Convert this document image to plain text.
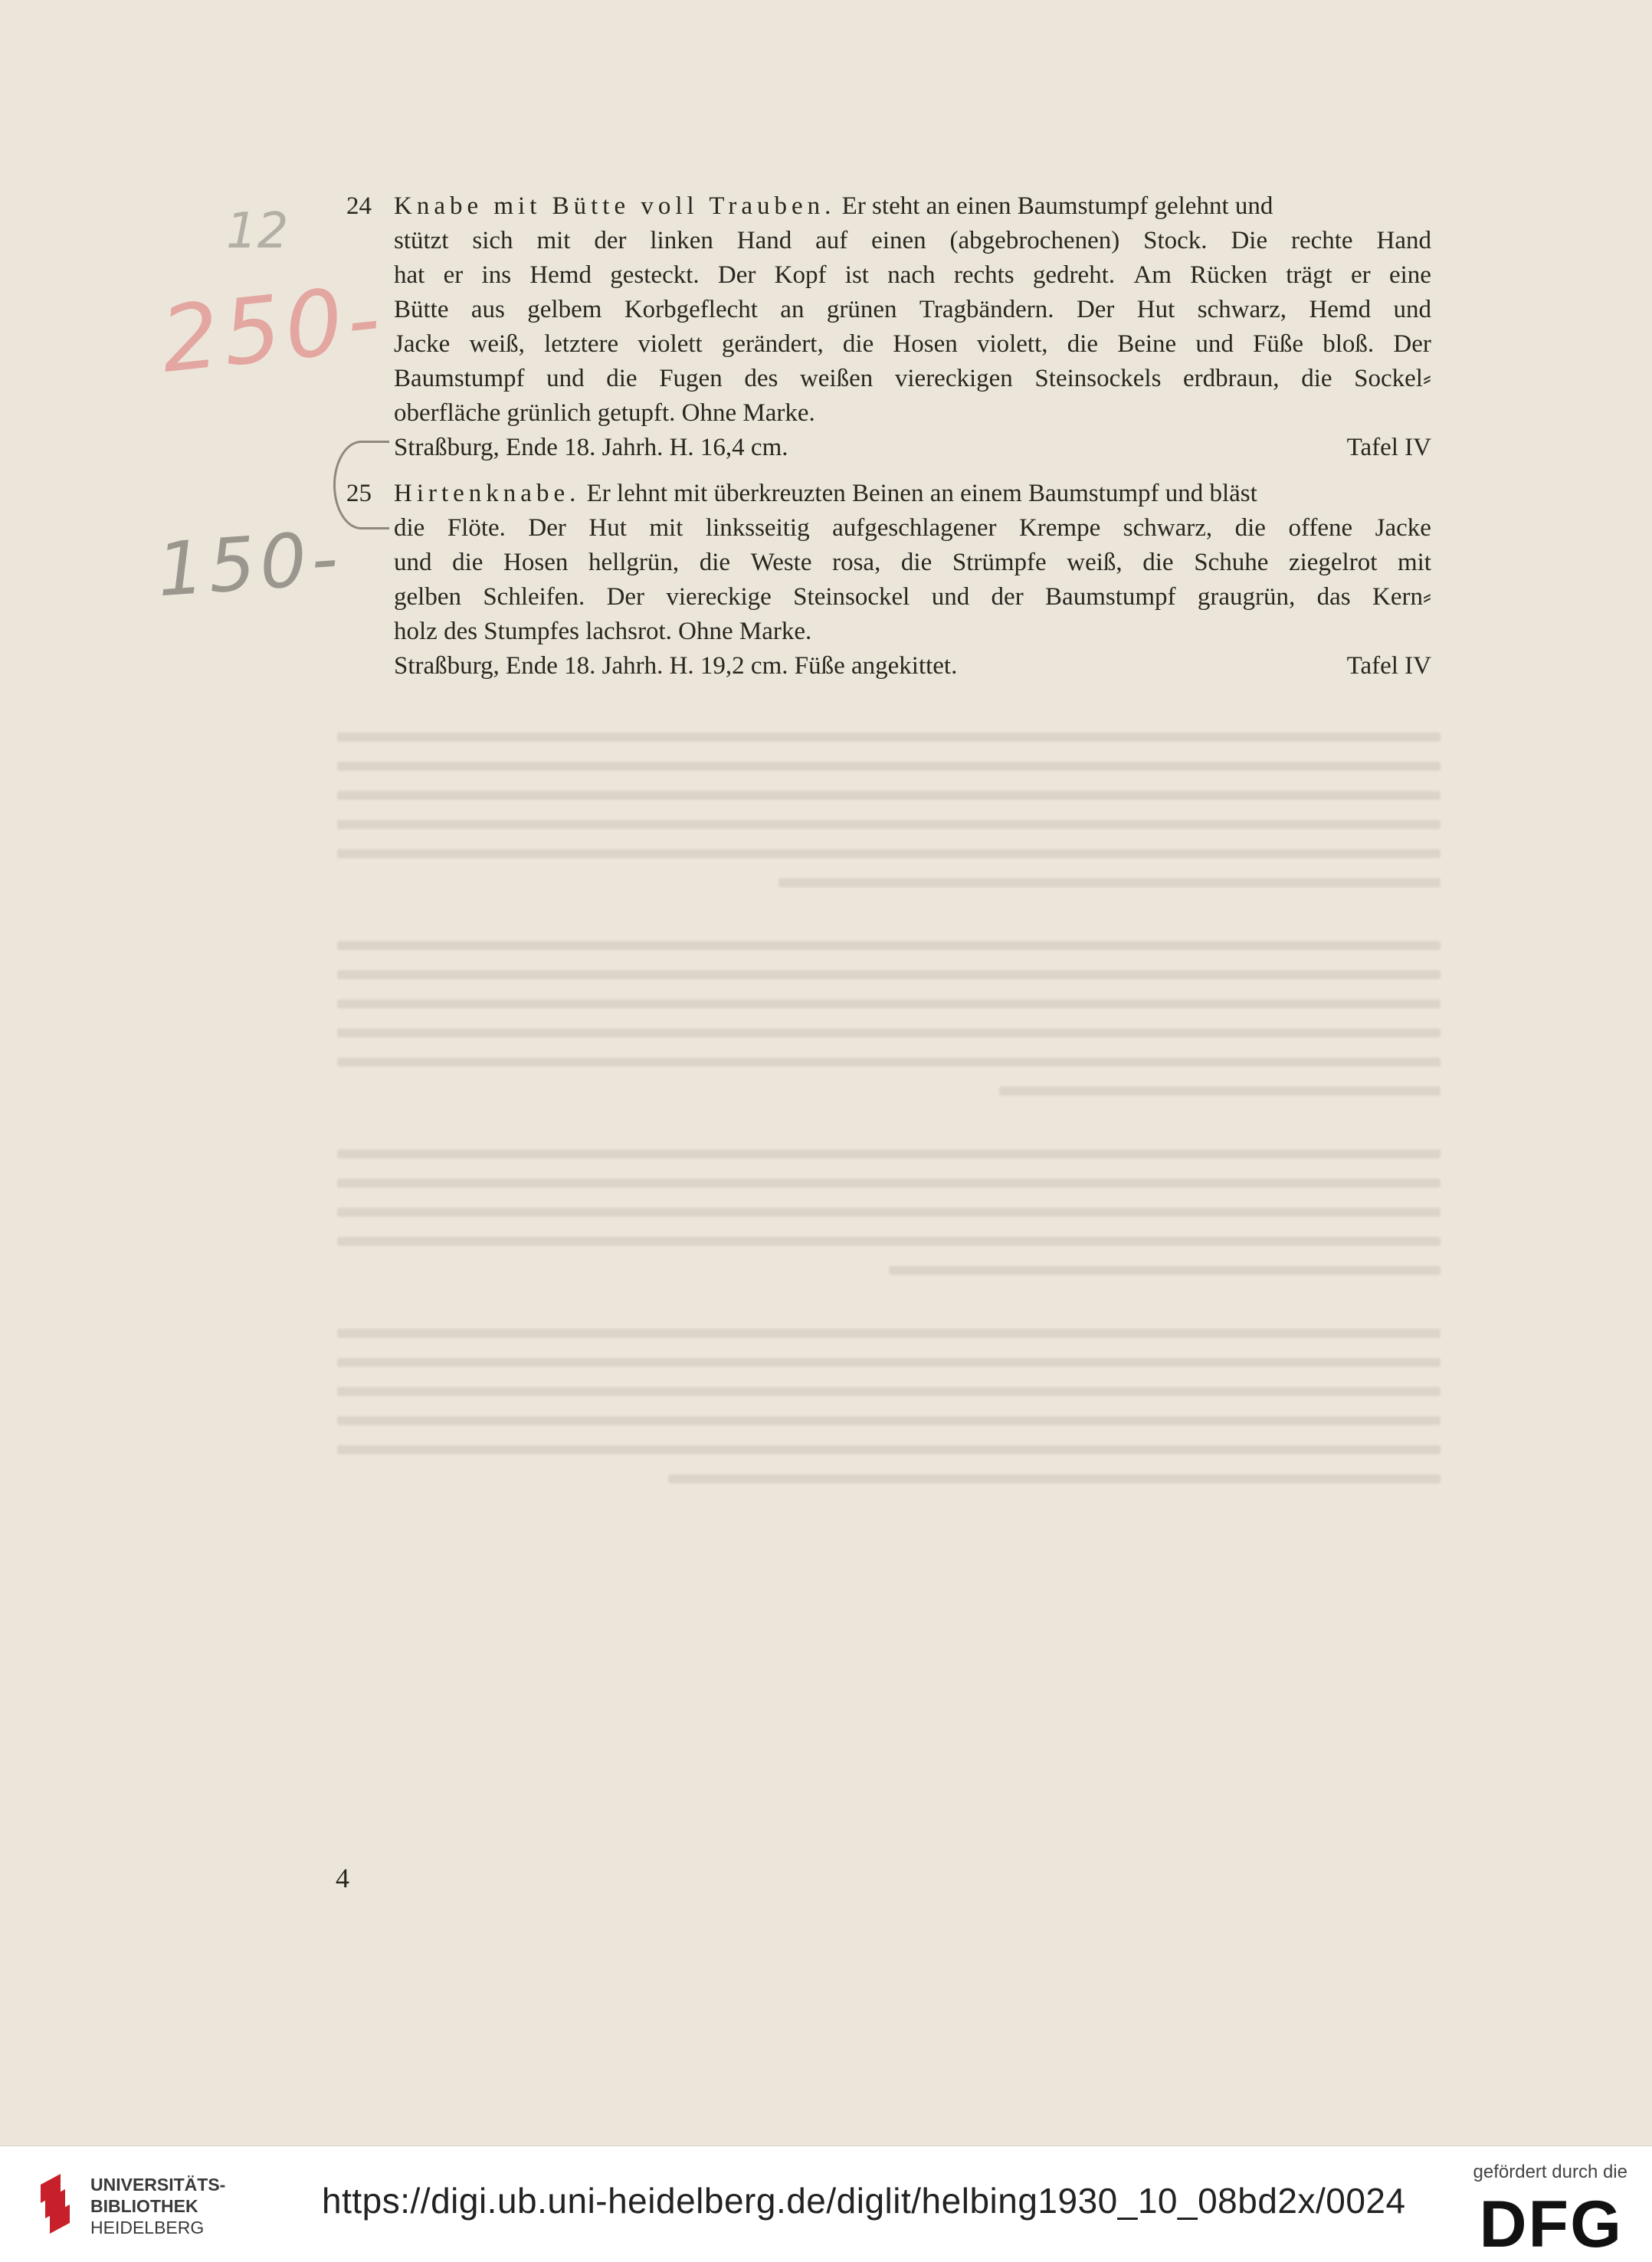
12
250-
150-
24 Knabe mit Bütte voll Trauben. Er steht an einen Baumstumpf gelehnt und
stützt sich mit der linken Hand auf einen (abgebrochenen) Stock. Die rechte Hand
hat er ins Hemd gesteckt. Der Kopf ist nach rechts gedreht. Am Rücken trägt er eine
Bütte aus gelbem Korbgeflecht an grünen Tragbändern. Der Hut schwarz, Hemd und
Jacke weiß, letztere violett gerändert, die Hosen violett, die Beine und Füße bloß. Der
Baumstumpf und die Fugen des weißen viereckigen Steinsockels erdbraun, die Sockel⸗
oberfläche grünlich getupft. Ohne Marke.
Straßburg, Ende 18. Jahrh. H. 16,4 cm.	Tafel IV
25 Hirtenknabe. Er lehnt mit überkreuzten Beinen an einem Baumstumpf und bläst
die Flöte. Der Hut mit linksseitig aufgeschlagener Krempe schwarz, die offene Jacke
und die Hosen hellgrün, die Weste rosa, die Strümpfe weiß, die Schuhe ziegelrot mit
gelben Schleifen. Der viereckige Steinsockel und der Baumstumpf graugrün, das Kern⸗
holz des Stumpfes lachsrot. Ohne Marke.
Straßburg, Ende 18. Jahrh. H. 19,2 cm. Füße angekittet.	Tafel IV
4
UNIVERSITÄTS-
BIBLIOTHEK
HEIDELBERG
https://digi.ub.uni-heidelberg.de/diglit/helbing1930_10_08bd2x/0024
gefördert durch die
DFG
